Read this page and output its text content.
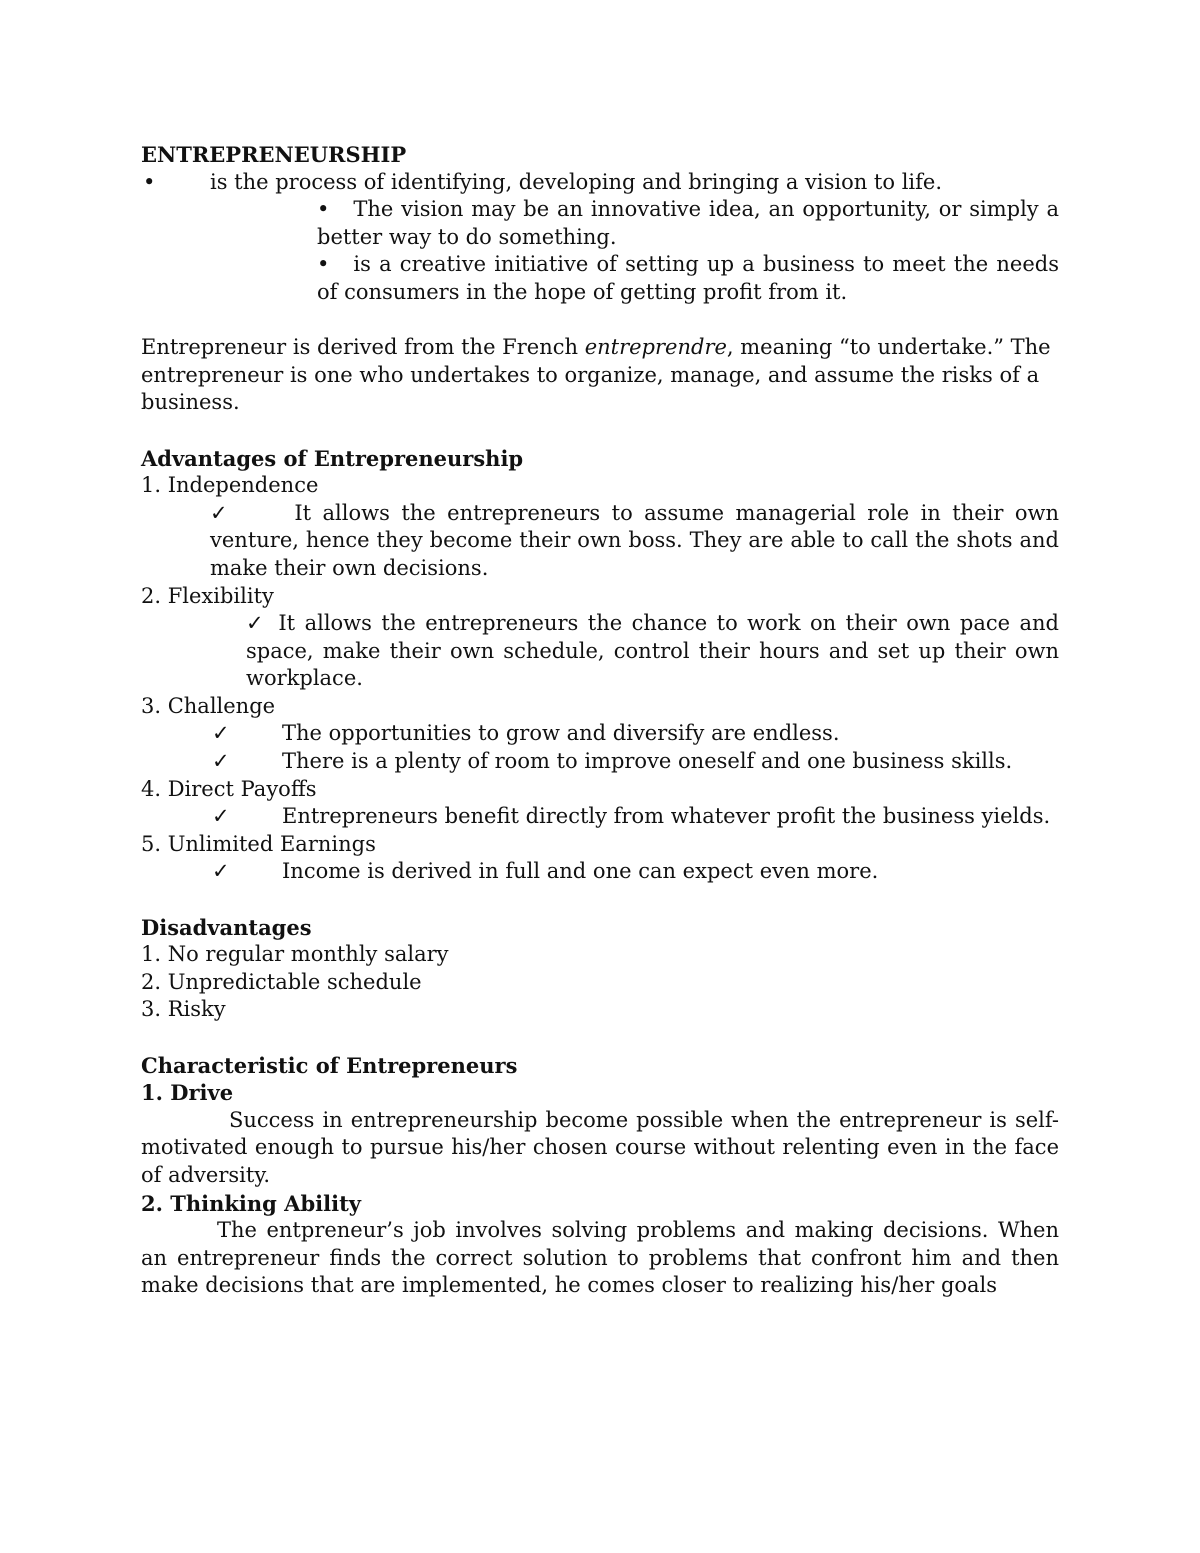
ENTREPRENEURSHIP
•	is the process of identifying, developing and bringing a vision to life.
• The vision may be an innovative idea, an opportunity, or simply a better way to do something.
• is a creative initiative of setting up a business to meet the needs of consumers in the hope of getting profit from it.
Entrepreneur is derived from the French entreprendre, meaning “to undertake.” The entrepreneur is one who undertakes to organize, manage, and assume the risks of a business.
Advantages of Entrepreneurship
1. Independence
✓	It allows the entrepreneurs to assume managerial role in their own venture, hence they become their own boss. They are able to call the shots and make their own decisions.
2. Flexibility
✓ It allows the entrepreneurs the chance to work on their own pace and space, make their own schedule, control their hours and set up their own workplace.
3. Challenge
✓ The opportunities to grow and diversify are endless.
✓ There is a plenty of room to improve oneself and one business skills.
4. Direct Payoffs
✓ Entrepreneurs benefit directly from whatever profit the business yields.
5. Unlimited Earnings
✓ Income is derived in full and one can expect even more.
Disadvantages
1. No regular monthly salary
2. Unpredictable schedule
3. Risky
Characteristic of Entrepreneurs
1. Drive
Success in entrepreneurship become possible when the entrepreneur is self-motivated enough to pursue his/her chosen course without relenting even in the face of adversity.
2. Thinking Ability
The entpreneur’s job involves solving problems and making decisions. When an entrepreneur finds the correct solution to problems that confront him and then make decisions that are implemented, he comes closer to realizing his/her goals
